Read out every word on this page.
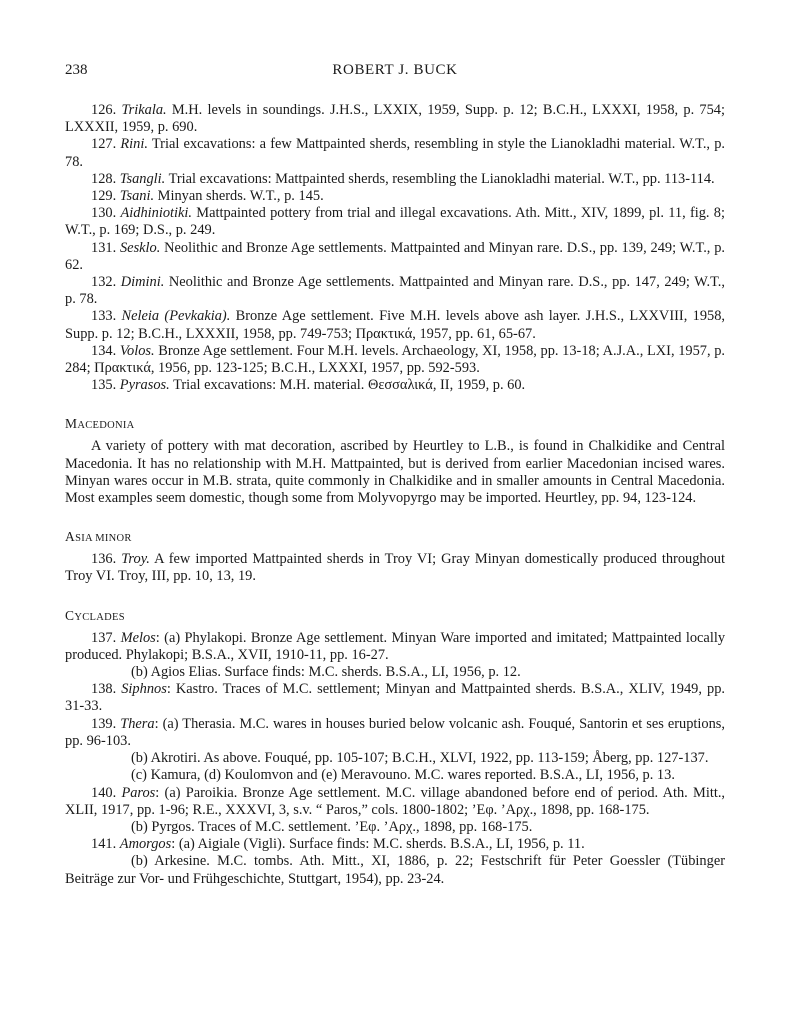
238	ROBERT J. BUCK

126. Trikala. M.H. levels in soundings. J.H.S., LXXIX, 1959, Supp. p. 12; B.C.H., LXXXI, 1958, p. 754; LXXXII, 1959, p. 690.

127. Rini. Trial excavations: a few Mattpainted sherds, resembling in style the Lianokladhi material. W.T., p. 78.

128. Tsangli. Trial excavations: Mattpainted sherds, resembling the Lianokladhi material. W.T., pp. 113-114.

129. Tsani. Minyan sherds. W.T., p. 145.

130. Aidhiniotiki. Mattpainted pottery from trial and illegal excavations. Ath. Mitt., XIV, 1899, pl. 11, fig. 8; W.T., p. 169; D.S., p. 249.

131. Sesklo. Neolithic and Bronze Age settlements. Mattpainted and Minyan rare. D.S., pp. 139, 249; W.T., p. 62.

132. Dimini. Neolithic and Bronze Age settlements. Mattpainted and Minyan rare. D.S., pp. 147, 249; W.T., p. 78.

133. Neleia (Pevkakia). Bronze Age settlement. Five M.H. levels above ash layer. J.H.S., LXXVIII, 1958, Supp. p. 12; B.C.H., LXXXII, 1958, pp. 749-753; Πρακτικά, 1957, pp. 61, 65-67.

134. Volos. Bronze Age settlement. Four M.H. levels. Archaeology, XI, 1958, pp. 13-18; A.J.A., LXI, 1957, p. 284; Πρακτικά, 1956, pp. 123-125; B.C.H., LXXXI, 1957, pp. 592-593.

135. Pyrasos. Trial excavations: M.H. material. Θεσσαλικά, II, 1959, p. 60.

MACEDONIA

A variety of pottery with mat decoration, ascribed by Heurtley to L.B., is found in Chalkidike and Central Macedonia. It has no relationship with M.H. Mattpainted, but is derived from earlier Macedonian incised wares. Minyan wares occur in M.B. strata, quite commonly in Chalkidike and in smaller amounts in Central Macedonia. Most examples seem domestic, though some from Molyvopyrgo may be imported. Heurtley, pp. 94, 123-124.

ASIA MINOR

136. Troy. A few imported Mattpainted sherds in Troy VI; Gray Minyan domestically produced throughout Troy VI. Troy, III, pp. 10, 13, 19.

CYCLADES

137. Melos: (a) Phylakopi. Bronze Age settlement. Minyan Ware imported and imitated; Mattpainted locally produced. Phylakopi; B.S.A., XVII, 1910-11, pp. 16-27.

(b) Agios Elias. Surface finds: M.C. sherds. B.S.A., LI, 1956, p. 12.

138. Siphnos: Kastro. Traces of M.C. settlement; Minyan and Mattpainted sherds. B.S.A., XLIV, 1949, pp. 31-33.

139. Thera: (a) Therasia. M.C. wares in houses buried below volcanic ash. Fouqué, Santorin et ses eruptions, pp. 96-103.

(b) Akrotiri. As above. Fouqué, pp. 105-107; B.C.H., XLVI, 1922, pp. 113-159; Åberg, pp. 127-137.

(c) Kamura, (d) Koulomvon and (e) Meravouno. M.C. wares reported. B.S.A., LI, 1956, p. 13.

140. Paros: (a) Paroikia. Bronze Age settlement. M.C. village abandoned before end of period. Ath. Mitt., XLII, 1917, pp. 1-96; R.E., XXXVI, 3, s.v. “ Paros,” cols. 1800-1802; ’Εφ. ’Αρχ., 1898, pp. 168-175.

(b) Pyrgos. Traces of M.C. settlement. ’Εφ. ’Αρχ., 1898, pp. 168-175.

141. Amorgos: (a) Aigiale (Vigli). Surface finds: M.C. sherds. B.S.A., LI, 1956, p. 11.

(b) Arkesine. M.C. tombs. Ath. Mitt., XI, 1886, p. 22; Festschrift für Peter Goessler (Tübinger Beiträge zur Vor- und Frühgeschichte, Stuttgart, 1954), pp. 23-24.
